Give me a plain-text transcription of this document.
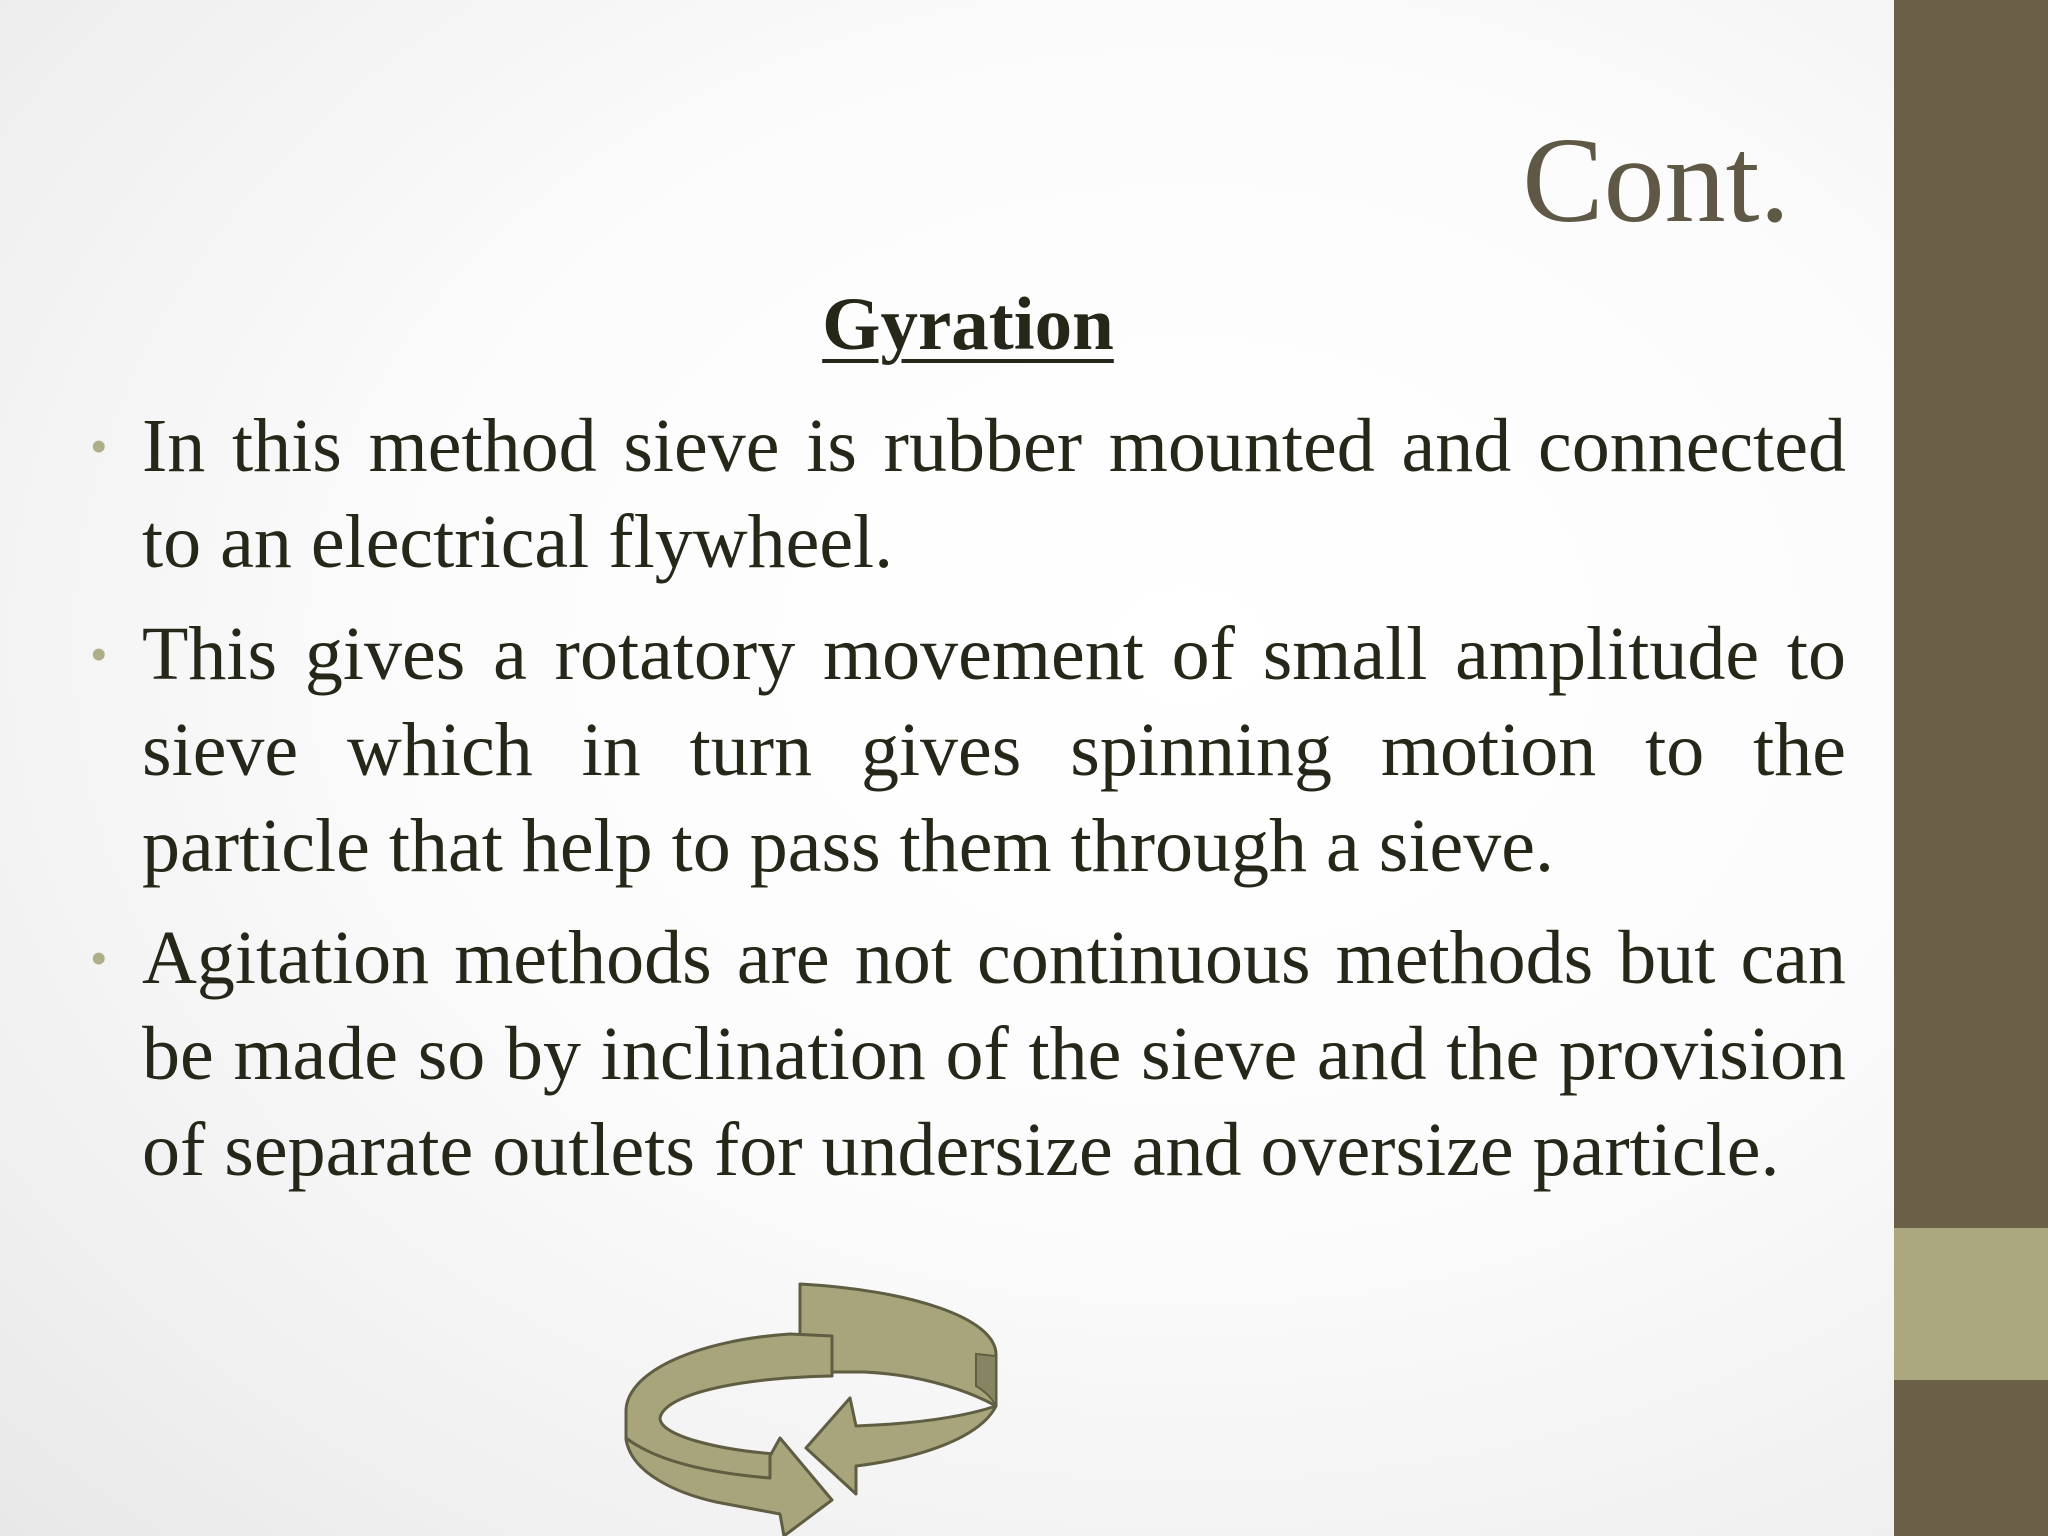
Cont.
Gyration
• In this method sieve is rubber mounted and connected to an electrical flywheel.
• This gives a rotatory movement of small amplitude to sieve which in turn gives spinning motion to the particle that help to pass them through a sieve.
• Agitation methods are not continuous methods but can be made so by inclination of the sieve and the provision of separate outlets for undersize and oversize particle.
